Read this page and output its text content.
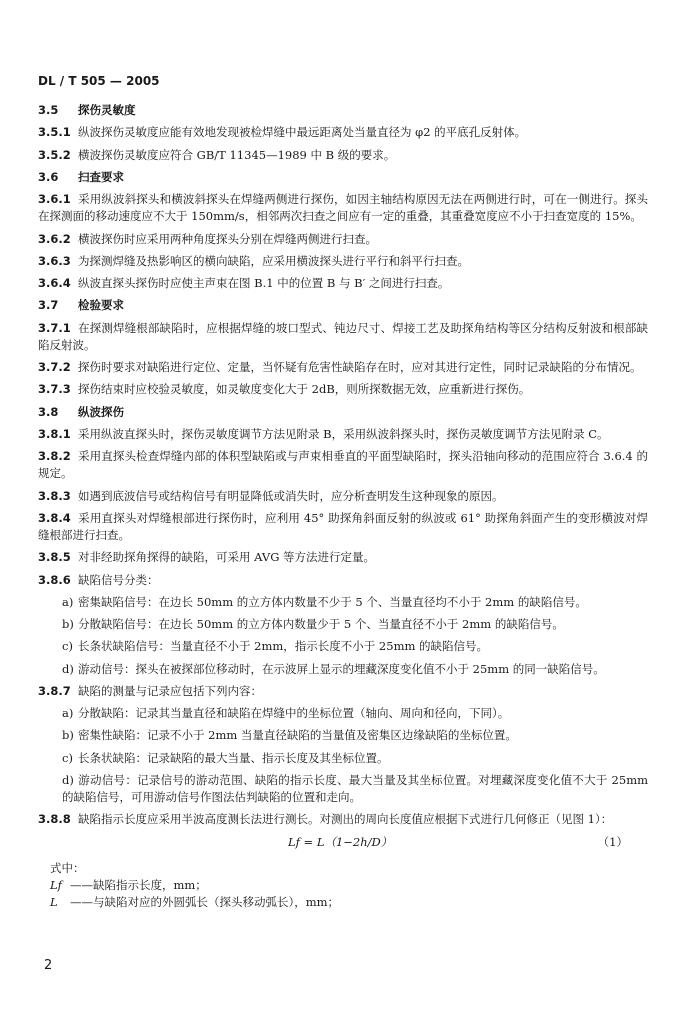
DL / T 505 — 2005
3.5 探伤灵敏度
3.5.1 纵波探伤灵敏度应能有效地发现被检焊缝中最远距离处当量直径为 φ2 的平底孔反射体。
3.5.2 横波探伤灵敏度应符合 GB/T 11345—1989 中 B 级的要求。
3.6 扫查要求
3.6.1 采用纵波斜探头和横波斜探头在焊缝两侧进行探伤，如因主轴结构原因无法在两侧进行时，可在一侧进行。探头在探测面的移动速度应不大于 150mm/s，相邻两次扫查之间应有一定的重叠，其重叠宽度应不小于扫查宽度的 15%。
3.6.2 横波探伤时应采用两种角度探头分别在焊缝两侧进行扫查。
3.6.3 为探测焊缝及热影响区的横向缺陷，应采用横波探头进行平行和斜平行扫查。
3.6.4 纵波直探头探伤时应使主声束在图 B.1 中的位置 B 与 B′ 之间进行扫查。
3.7 检验要求
3.7.1 在探测焊缝根部缺陷时，应根据焊缝的坡口型式、钝边尺寸、焊接工艺及助探角结构等区分结构反射波和根部缺陷反射波。
3.7.2 探伤时要求对缺陷进行定位、定量，当怀疑有危害性缺陷存在时，应对其进行定性，同时记录缺陷的分布情况。
3.7.3 探伤结束时应校验灵敏度，如灵敏度变化大于 2dB，则所探数据无效，应重新进行探伤。
3.8 纵波探伤
3.8.1 采用纵波直探头时，探伤灵敏度调节方法见附录 B，采用纵波斜探头时，探伤灵敏度调节方法见附录 C。
3.8.2 采用直探头检查焊缝内部的体积型缺陷或与声束相垂直的平面型缺陷时，探头沿轴向移动的范围应符合 3.6.4 的规定。
3.8.3 如遇到底波信号或结构信号有明显降低或消失时，应分析查明发生这种现象的原因。
3.8.4 采用直探头对焊缝根部进行探伤时，应利用 45° 助探角斜面反射的纵波或 61° 助探角斜面产生的变形横波对焊缝根部进行扫查。
3.8.5 对非经助探角探得的缺陷，可采用 AVG 等方法进行定量。
3.8.6 缺陷信号分类：
a) 密集缺陷信号：在边长 50mm 的立方体内数量不少于 5 个、当量直径均不小于 2mm 的缺陷信号。
b) 分散缺陷信号：在边长 50mm 的立方体内数量少于 5 个、当量直径不小于 2mm 的缺陷信号。
c) 长条状缺陷信号：当量直径不小于 2mm，指示长度不小于 25mm 的缺陷信号。
d) 游动信号：探头在被探部位移动时，在示波屏上显示的埋藏深度变化值不小于 25mm 的同一缺陷信号。
3.8.7 缺陷的测量与记录应包括下列内容：
a) 分散缺陷：记录其当量直径和缺陷在焊缝中的坐标位置（轴向、周向和径向，下同）。
b) 密集性缺陷：记录不小于 2mm 当量直径缺陷的当量值及密集区边缘缺陷的坐标位置。
c) 长条状缺陷：记录缺陷的最大当量、指示长度及其坐标位置。
d) 游动信号：记录信号的游动范围、缺陷的指示长度、最大当量及其坐标位置。对埋藏深度变化值不大于 25mm 的缺陷信号，可用游动信号作图法估判缺陷的位置和走向。
3.8.8 缺陷指示长度应采用半波高度测长法进行测长。对测出的周向长度值应根据下式进行几何修正（见图 1）：
Lf = L（1−2h/D）	（1）
式中：
Lf ——缺陷指示长度，mm；
L ——与缺陷对应的外圆弧长（探头移动弧长），mm；
2
